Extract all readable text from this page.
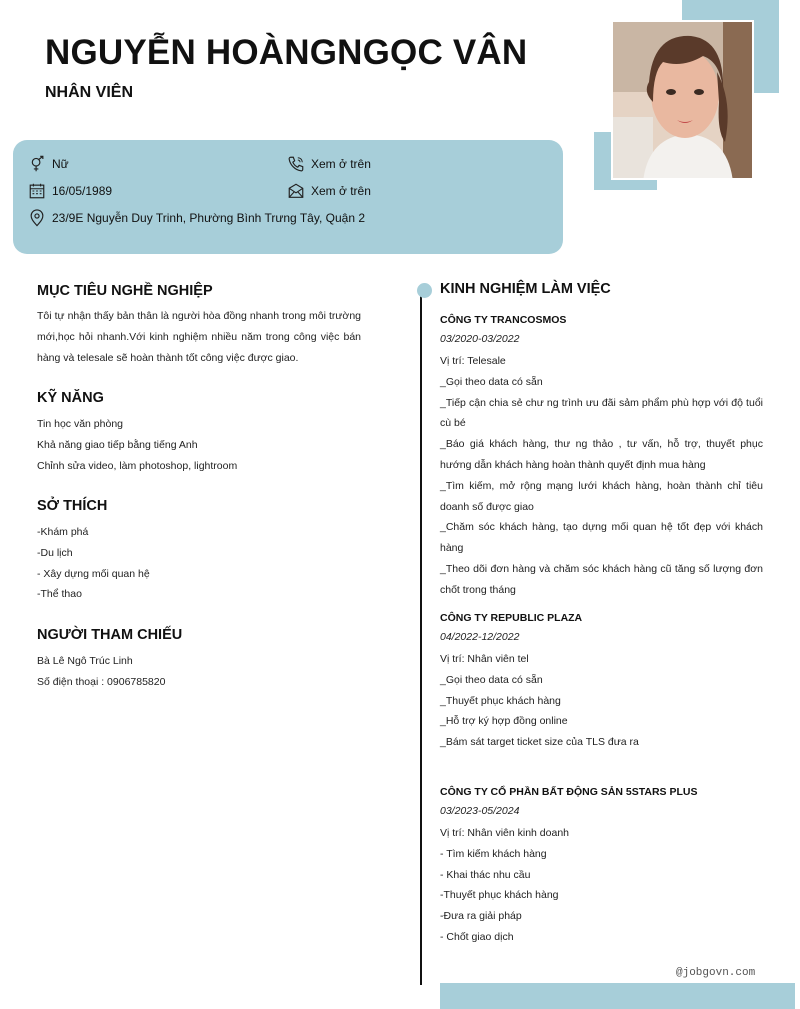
NGUYỄN HOÀNGNGỌC VÂN
NHÂN VIÊN
Nữ
16/05/1989
23/9E Nguyễn Duy Trinh, Phường Bình Trưng Tây, Quận 2
Xem ở trên
Xem ở trên
MỤC TIÊU NGHỀ NGHIỆP
Tôi tự nhận thấy bản thân là người hòa đồng nhanh trong môi trường mới,học hỏi nhanh.Với kinh nghiệm nhiều năm trong công việc bán hàng và telesale sẽ hoàn thành tốt công việc được giao.
KỸ NĂNG
Tin học văn phòng
Khả năng giao tiếp bằng tiếng Anh
Chỉnh sửa video, làm photoshop, lightroom
SỞ THÍCH
-Khám phá
-Du lịch
- Xây dựng mối quan hệ
-Thể thao
NGƯỜI THAM CHIẾU
Bà Lê Ngô Trúc Linh
Số điện thoại : 0906785820
KINH NGHIỆM LÀM VIỆC
CÔNG TY TRANCOSMOS
03/2020-03/2022
Vị trí: Telesale
_Gọi theo data có sẵn
_Tiếp cận chia sẻ chư ng trình ưu đãi sảm phẩm phù hợp với độ tuổi cù bé
_Báo giá khách hàng, thư ng thảo , tư vấn, hỗ trợ, thuyết phục hướng dẫn khách hàng hoàn thành quyết định mua hàng
_Tìm kiếm, mở rộng mạng lưới khách hàng, hoàn thành chỉ tiêu doanh số được giao
_Chăm sóc khách hàng, tạo dựng mối quan hệ tốt đẹp với khách hàng
_Theo dõi đơn hàng và chăm sóc khách hàng cũ tăng số lượng đơn chốt trong tháng
CÔNG TY REPUBLIC PLAZA
04/2022-12/2022
Vị trí: Nhân viên tel
_Gọi theo data có sẵn
_Thuyết phục khách hàng
_Hỗ trợ ký hợp đồng online
_Bám sát target ticket size của TLS đưa ra
CÔNG TY CỔ PHẦN BẤT ĐỘNG SẢN 5STARS PLUS
03/2023-05/2024
Vị trí: Nhân viên kinh doanh
- Tìm kiếm khách hàng
- Khai thác nhu cầu
-Thuyết phục khách hàng
-Đưa ra giải pháp
- Chốt giao dịch
@jobgovn.com
